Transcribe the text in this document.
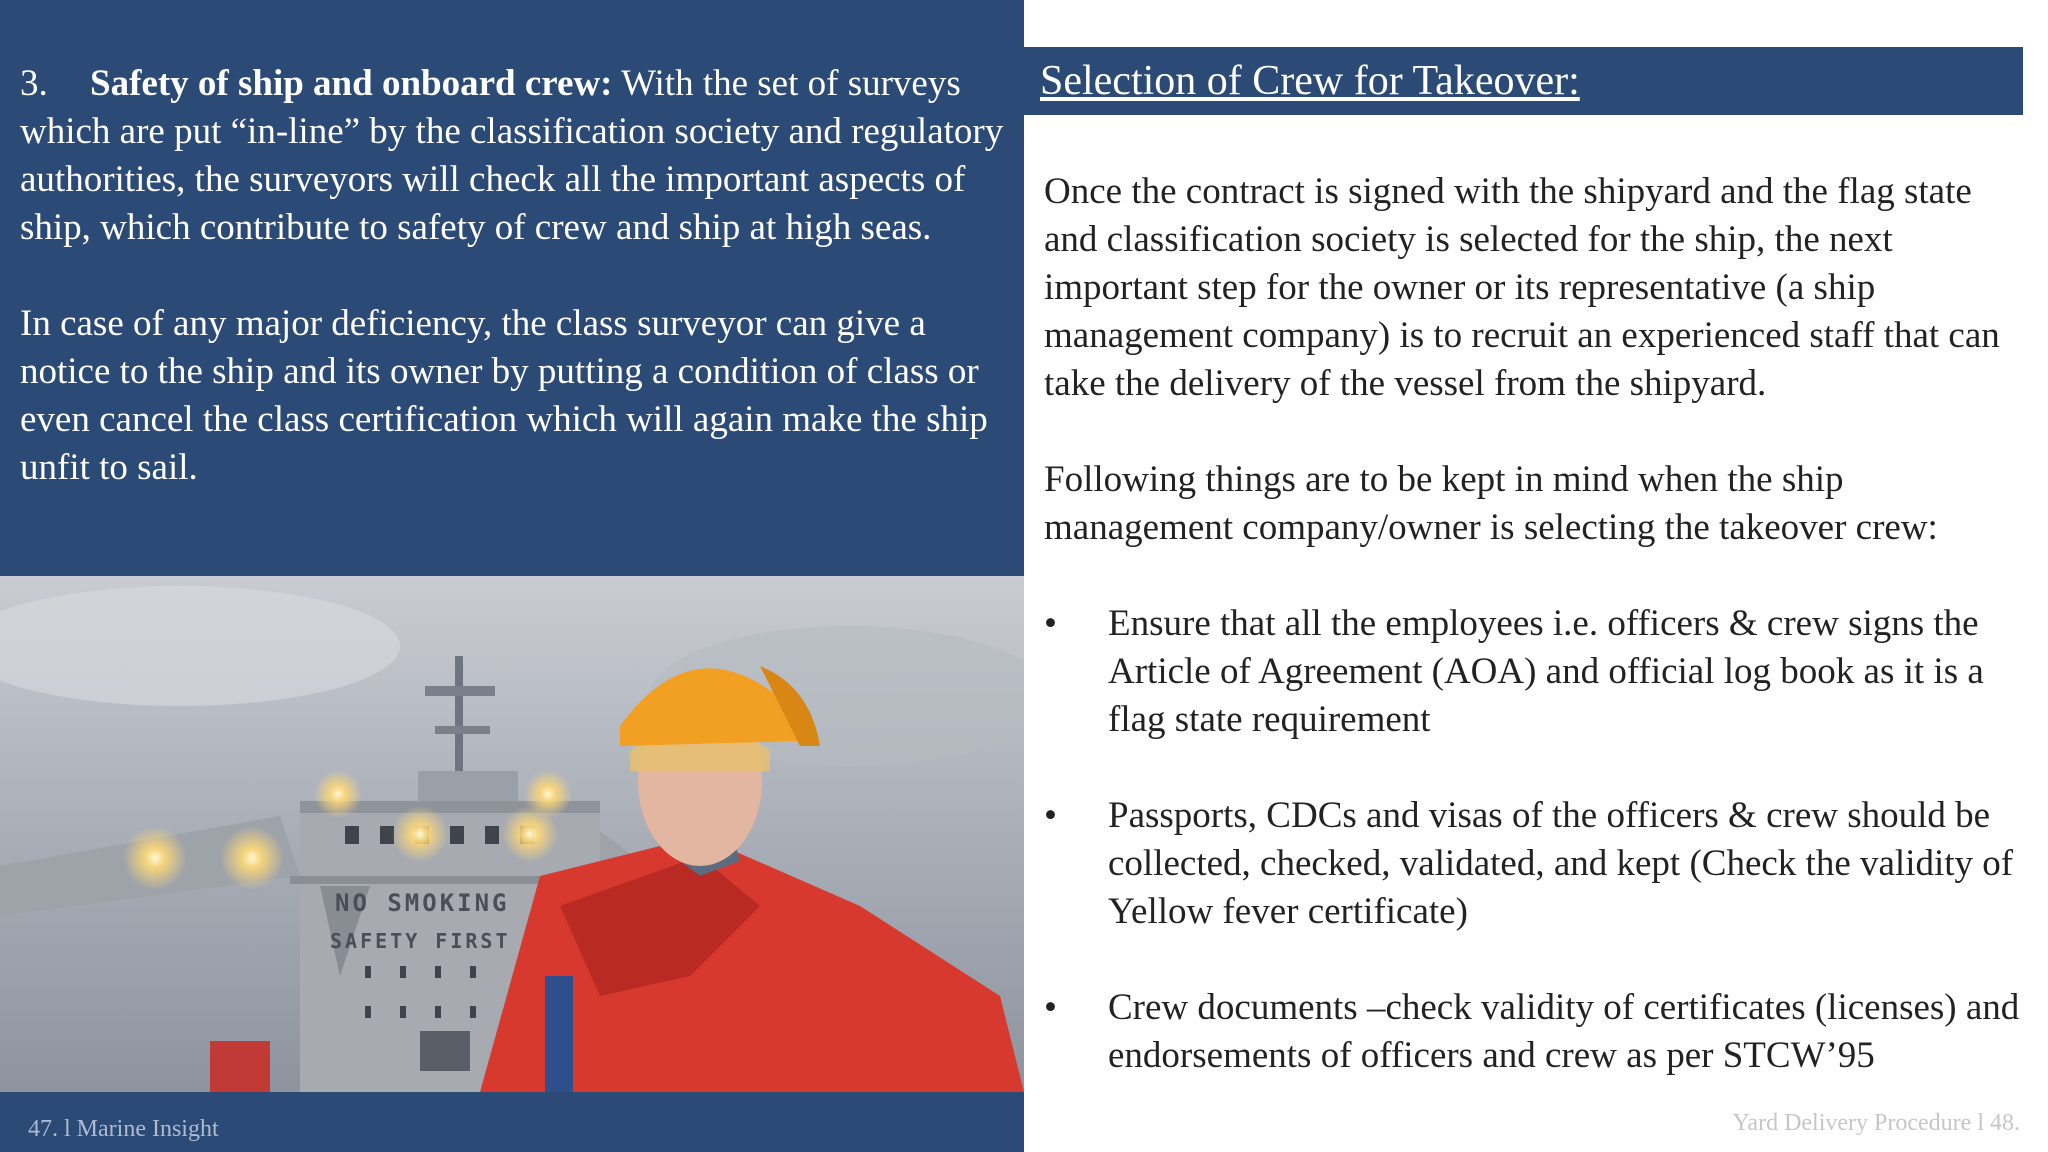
3. Safety of ship and onboard crew: With the set of surveys which are put “in-line” by the classification society and regulatory authorities, the surveyors will check all the important aspects of ship, which contribute to safety of crew and ship at high seas.

In case of any major deficiency, the class surveyor can give a notice to the ship and its owner by putting a condition of class or even cancel the class certification which will again make the ship unfit to sail.

NO SMOKING
SAFETY FIRST
47. l Marine Insight
Selection of Crew for Takeover:

Once the contract is signed with the shipyard and the flag state and classification society is selected for the ship, the next important step for the owner or its representative (a ship management company) is to recruit an experienced staff that can take the delivery of the vessel from the shipyard.

Following things are to be kept in mind when the ship management company/owner is selecting the takeover crew:

• Ensure that all the employees i.e. officers & crew signs the Article of Agreement (AOA) and official log book as it is a flag state requirement
• Passports, CDCs and visas of the officers & crew should be collected, checked, validated, and kept (Check the validity of Yellow fever certificate)
• Crew documents –check validity of certificates (licenses) and endorsements of officers and crew as per STCW’95
Yard Delivery Procedure l 48.
